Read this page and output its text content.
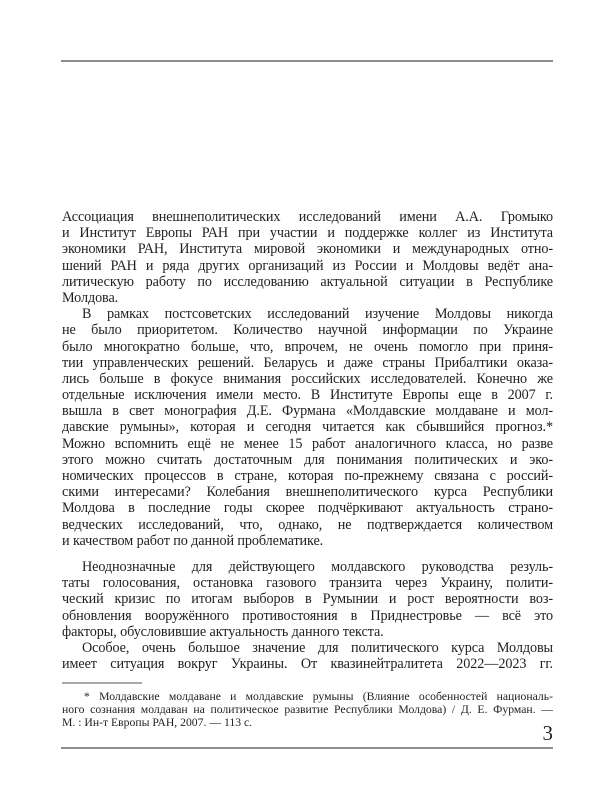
Ассоциация внешнеполитических исследований имени А.А. Громыко
и Институт Европы РАН при участии и поддержке коллег из Института
экономики РАН, Института мировой экономики и международных отно-
шений РАН и ряда других организаций из России и Молдовы ведёт ана-
литическую работу по исследованию актуальной ситуации в Республике
Молдова.
В рамках постсоветских исследований изучение Молдовы никогда
не было приоритетом. Количество научной информации по Украине
было многократно больше, что, впрочем, не очень помогло при приня-
тии управленческих решений. Беларусь и даже страны Прибалтики оказа-
лись больше в фокусе внимания российских исследователей. Конечно же
отдельные исключения имели место. В Институте Европы еще в 2007 г.
вышла в свет монография Д.Е. Фурмана «Молдавские молдаване и мол-
давские румыны», которая и сегодня читается как сбывшийся прогноз.*
Можно вспомнить ещё не менее 15 работ аналогичного класса, но разве
этого можно считать достаточным для понимания политических и эко-
номических процессов в стране, которая по-прежнему связана с россий-
скими интересами? Колебания внешнеполитического курса Республики
Молдова в последние годы скорее подчёркивают актуальность страно-
ведческих исследований, что, однако, не подтверждается количеством
и качеством работ по данной проблематике.
Неоднозначные для действующего молдавского руководства резуль-
таты голосования, остановка газового транзита через Украину, полити-
ческий кризис по итогам выборов в Румынии и рост вероятности воз-
обновления вооружённого противостояния в Приднестровье — всё это
факторы, обусловившие актуальность данного текста.
Особое, очень большое значение для политического курса Молдовы
имеет ситуация вокруг Украины. От квазинейтралитета 2022—2023 гг.
* Молдавские молдаване и молдавские румыны (Влияние особенностей националь-
ного сознания молдаван на политическое развитие Республики Молдова) / Д. Е. Фурман. —
М. : Ин-т Европы РАН, 2007. — 113 с.	3
